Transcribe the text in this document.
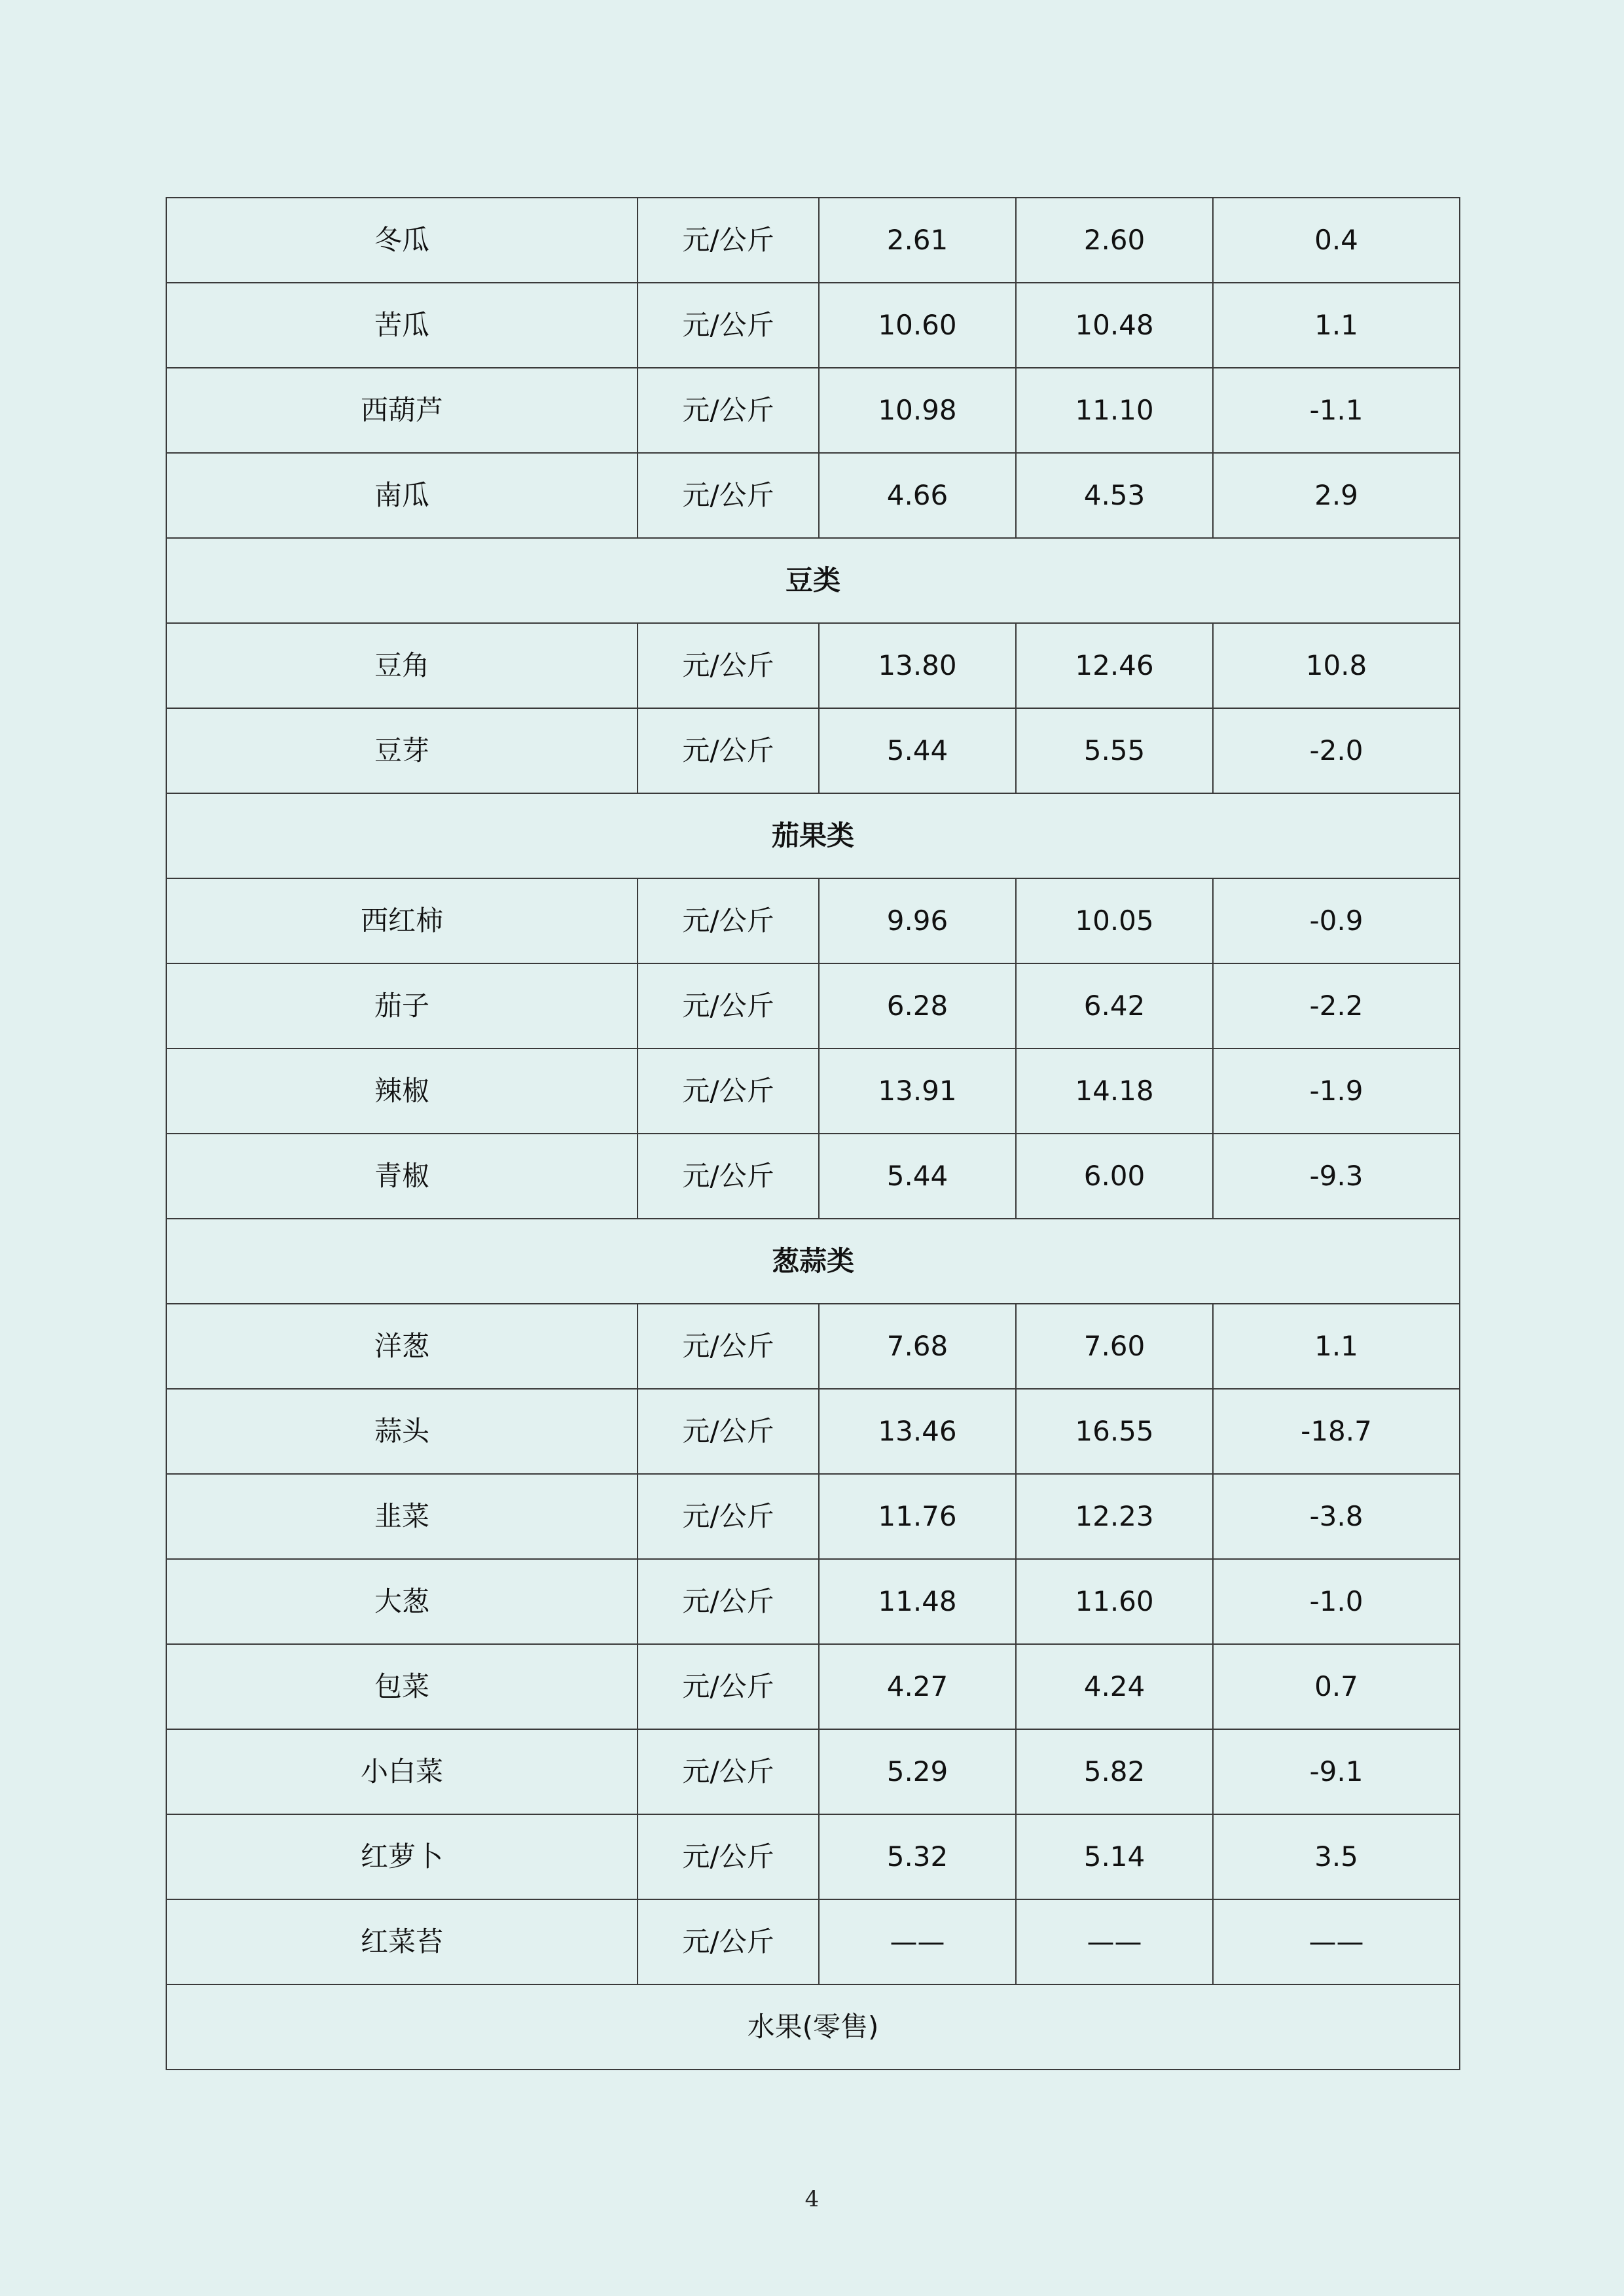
冬瓜	元/公斤	2.61	2.60	0.4
苦瓜	元/公斤	10.60	10.48	1.1
西葫芦	元/公斤	10.98	11.10	-1.1
南瓜	元/公斤	4.66	4.53	2.9
豆类				
豆角	元/公斤	13.80	12.46	10.8
豆芽	元/公斤	5.44	5.55	-2.0
茄果类				
西红柿	元/公斤	9.96	10.05	-0.9
茄子	元/公斤	6.28	6.42	-2.2
辣椒	元/公斤	13.91	14.18	-1.9
青椒	元/公斤	5.44	6.00	-9.3
葱蒜类				
洋葱	元/公斤	7.68	7.60	1.1
蒜头	元/公斤	13.46	16.55	-18.7
韭菜	元/公斤	11.76	12.23	-3.8
大葱	元/公斤	11.48	11.60	-1.0
包菜	元/公斤	4.27	4.24	0.7
小白菜	元/公斤	5.29	5.82	-9.1
红萝卜	元/公斤	5.32	5.14	3.5
红菜苔	元/公斤	——	——	——
水果(零售)				
4
